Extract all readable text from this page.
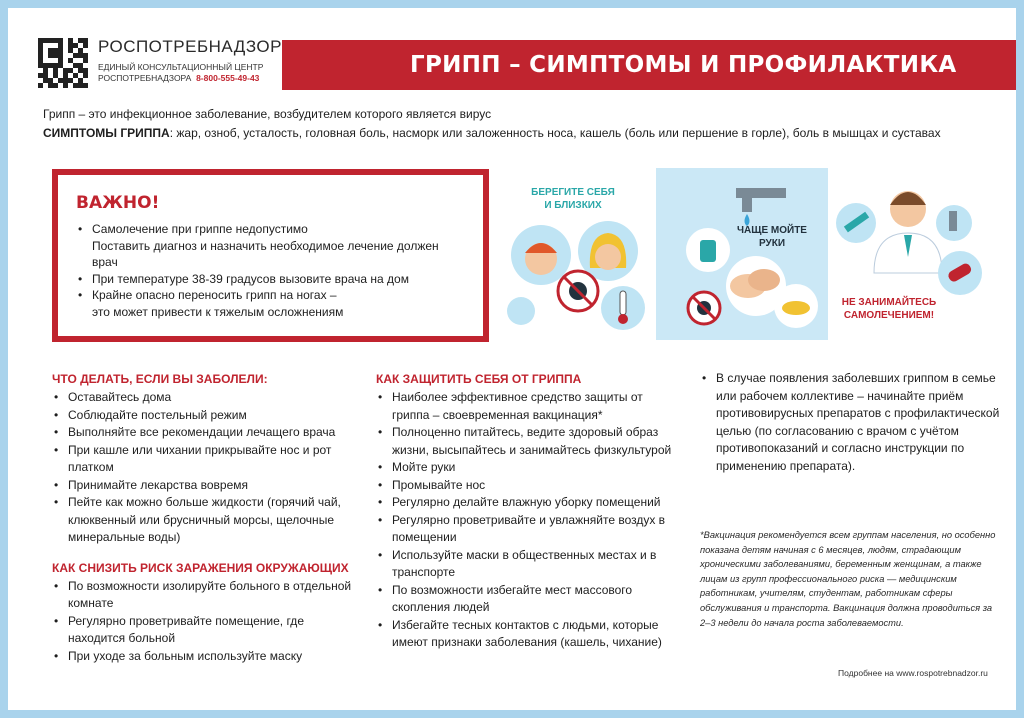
РОСПОТРЕБНАДЗОР
ЕДИНЫЙ КОНСУЛЬТАЦИОННЫЙ ЦЕНТР
РОСПОТРЕБНАДЗОРА 8-800-555-49-43	ГРИПП – СИМПТОМЫ И ПРОФИЛАКТИКА
Грипп – это инфекционное заболевание, возбудителем которого является вирус
СИМПТОМЫ ГРИППА: жар, озноб, усталость, головная боль, насморк или заложенность носа, кашель (боль или першение в горле), боль в мышцах и суставах
ВАЖНО!
• Самолечение при гриппе недопустимо
Поставить диагноз и назначить необходимое лечение должен врач
• При температуре 38-39 градусов вызовите врача на дом
• Крайне опасно переносить грипп на ногах –
это может привести к тяжелым осложнениям
БЕРЕГИТЕ СЕБЯ
И БЛИЗКИХ
ЧАЩЕ МОЙТЕ
РУКИ
НЕ ЗАНИМАЙТЕСЬ
САМОЛЕЧЕНИЕМ!
ЧТО ДЕЛАТЬ, ЕСЛИ ВЫ ЗАБОЛЕЛИ:
• Оставайтесь дома
• Соблюдайте постельный режим
• Выполняйте все рекомендации лечащего врача
• При кашле или чихании прикрывайте нос и рот платком
• Принимайте лекарства вовремя
• Пейте как можно больше жидкости (горячий чай, клюквенный или брусничный морсы, щелочные минеральные воды)
КАК СНИЗИТЬ РИСК ЗАРАЖЕНИЯ ОКРУЖАЮЩИХ
• По возможности изолируйте больного в отдельной комнате
• Регулярно проветривайте помещение, где находится больной
• При уходе за больным используйте маску
КАК ЗАЩИТИТЬ СЕБЯ ОТ ГРИППА
• Наиболее эффективное средство защиты от гриппа – своевременная вакцинация*
• Полноценно питайтесь, ведите здоровый образ жизни, высыпайтесь и занимайтесь физкультурой
• Мойте руки
• Промывайте нос
• Регулярно делайте влажную уборку помещений
• Регулярно проветривайте и увлажняйте воздух в помещении
• Используйте маски в общественных местах и в транспорте
• По возможности избегайте мест массового скопления людей
• Избегайте тесных контактов с людьми, которые имеют признаки заболевания (кашель, чихание)
• В случае появления заболевших гриппом в семье или рабочем коллективе – начинайте приём противовирусных препаратов с профилактической целью (по согласованию с врачом с учётом противопоказаний и согласно инструкции по применению препарата).
*Вакцинация рекомендуется всем группам населения, но особенно показана детям начиная с 6 месяцев, людям, страдающим хроническими заболеваниями, беременным женщинам, а также лицам из групп профессионального риска — медицинским работникам, учителям, студентам, работникам сферы обслуживания и транспорта. Вакцинация должна проводиться за 2–3 недели до начала роста заболеваемости.
Подробнее на www.rospotrebnadzor.ru
